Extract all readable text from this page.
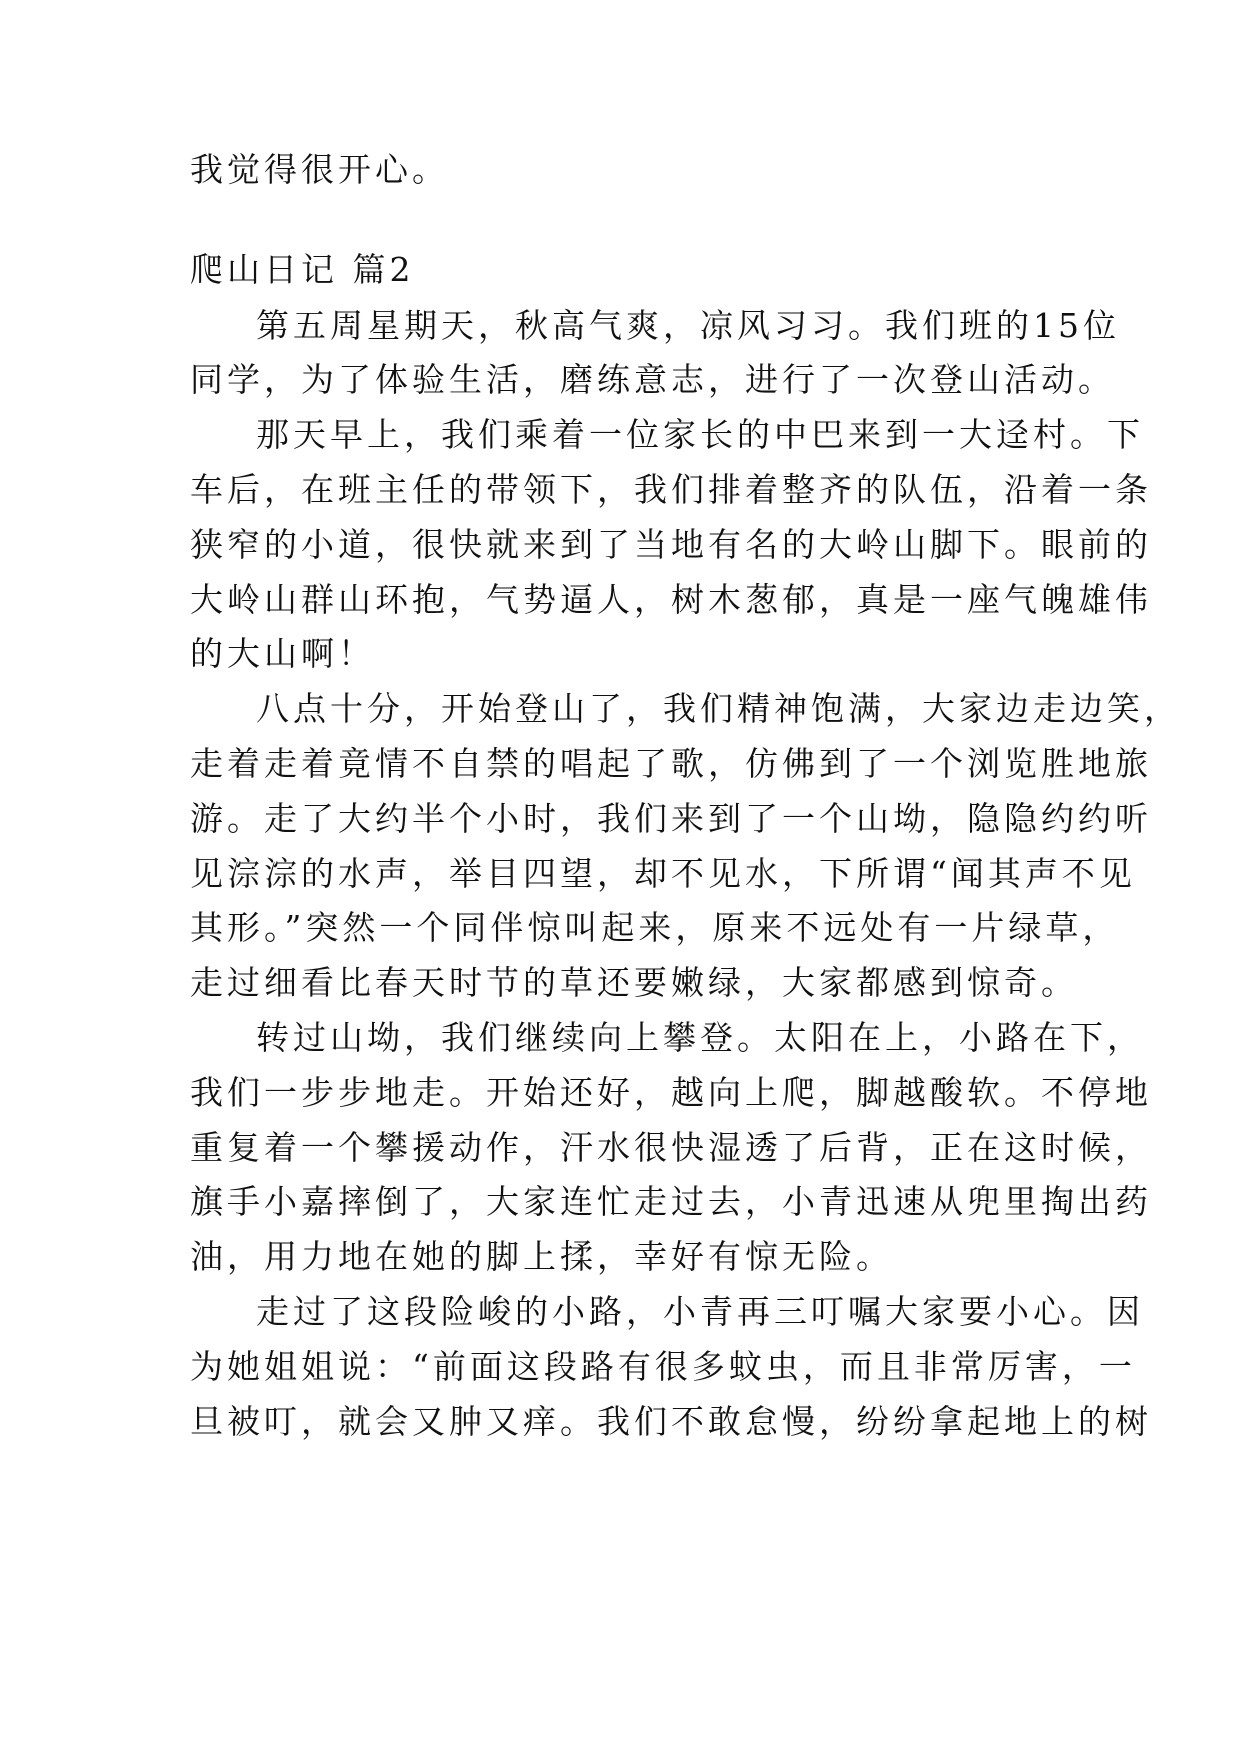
我觉得很开心。
爬山日记 篇2
第五周星期天，秋高气爽，凉风习习。我们班的15位
同学，为了体验生活，磨练意志，进行了一次登山活动。
那天早上，我们乘着一位家长的中巴来到一大迳村。下
车后，在班主任的带领下，我们排着整齐的队伍，沿着一条
狭窄的小道，很快就来到了当地有名的大岭山脚下。眼前的
大岭山群山环抱，气势逼人，树木葱郁，真是一座气魄雄伟
的大山啊！
八点十分，开始登山了，我们精神饱满，大家边走边笑，
走着走着竟情不自禁的唱起了歌，仿佛到了一个浏览胜地旅
游。走了大约半个小时，我们来到了一个山坳，隐隐约约听
见淙淙的水声，举目四望，却不见水，下所谓“闻其声不见
其形。”突然一个同伴惊叫起来，原来不远处有一片绿草，
走过细看比春天时节的草还要嫩绿，大家都感到惊奇。
转过山坳，我们继续向上攀登。太阳在上，小路在下，
我们一步步地走。开始还好，越向上爬，脚越酸软。不停地
重复着一个攀援动作，汗水很快湿透了后背，正在这时候，
旗手小嘉摔倒了，大家连忙走过去，小青迅速从兜里掏出药
油，用力地在她的脚上揉，幸好有惊无险。
走过了这段险峻的小路，小青再三叮嘱大家要小心。因
为她姐姐说：“前面这段路有很多蚊虫，而且非常厉害，一
旦被叮，就会又肿又痒。我们不敢怠慢，纷纷拿起地上的树
